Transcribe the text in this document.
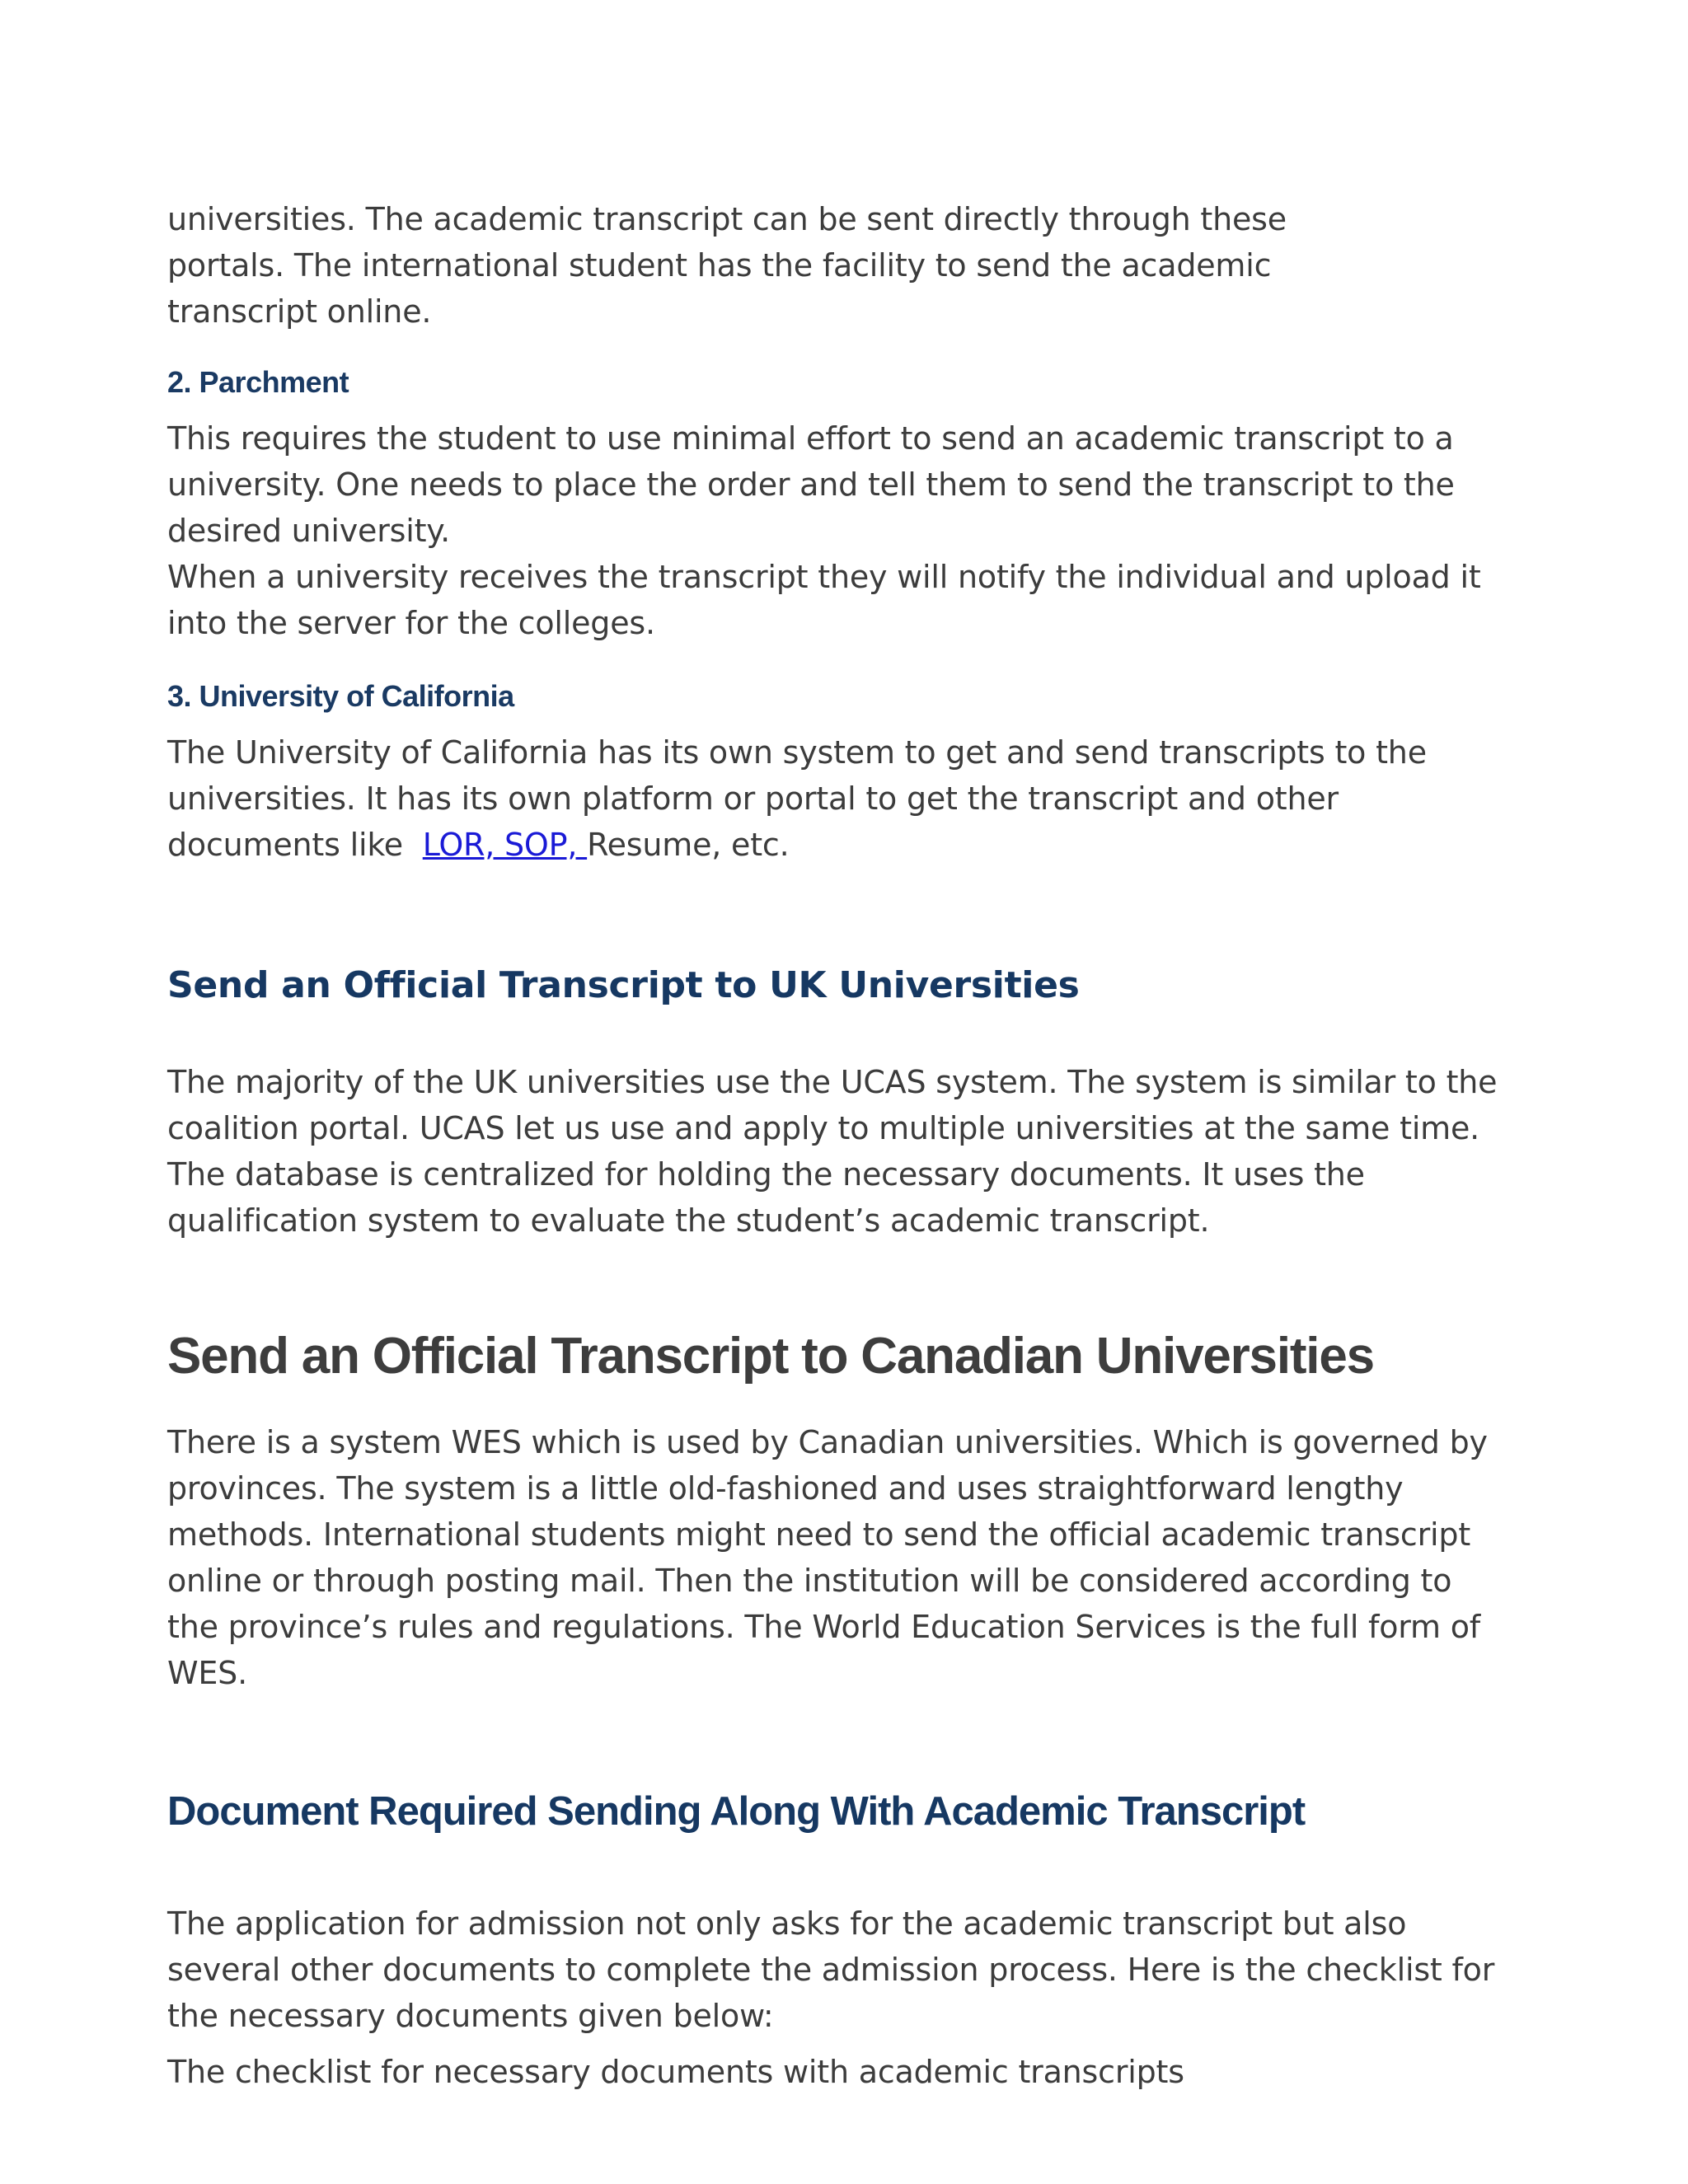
universities. The academic transcript can be sent directly through these
portals. The international student has the facility to send the academic
transcript online.

2. Parchment

This requires the student to use minimal effort to send an academic transcript to a
university. One needs to place the order and tell them to send the transcript to the
desired university.
When a university receives the transcript they will notify the individual and upload it
into the server for the colleges.

3. University of California

The University of California has its own system to get and send transcripts to the
universities. It has its own platform or portal to get the transcript and other
documents like  LOR, SOP, Resume, etc.

Send an Official Transcript to UK Universities

The majority of the UK universities use the UCAS system. The system is similar to the
coalition portal. UCAS let us use and apply to multiple universities at the same time.
The database is centralized for holding the necessary documents. It uses the
qualification system to evaluate the student’s academic transcript.

Send an Official Transcript to Canadian Universities

There is a system WES which is used by Canadian universities. Which is governed by
provinces. The system is a little old-fashioned and uses straightforward lengthy
methods. International students might need to send the official academic transcript
online or through posting mail. Then the institution will be considered according to
the province’s rules and regulations. The World Education Services is the full form of
WES.

Document Required Sending Along With Academic Transcript

The application for admission not only asks for the academic transcript but also
several other documents to complete the admission process. Here is the checklist for
the necessary documents given below:

The checklist for necessary documents with academic transcripts
